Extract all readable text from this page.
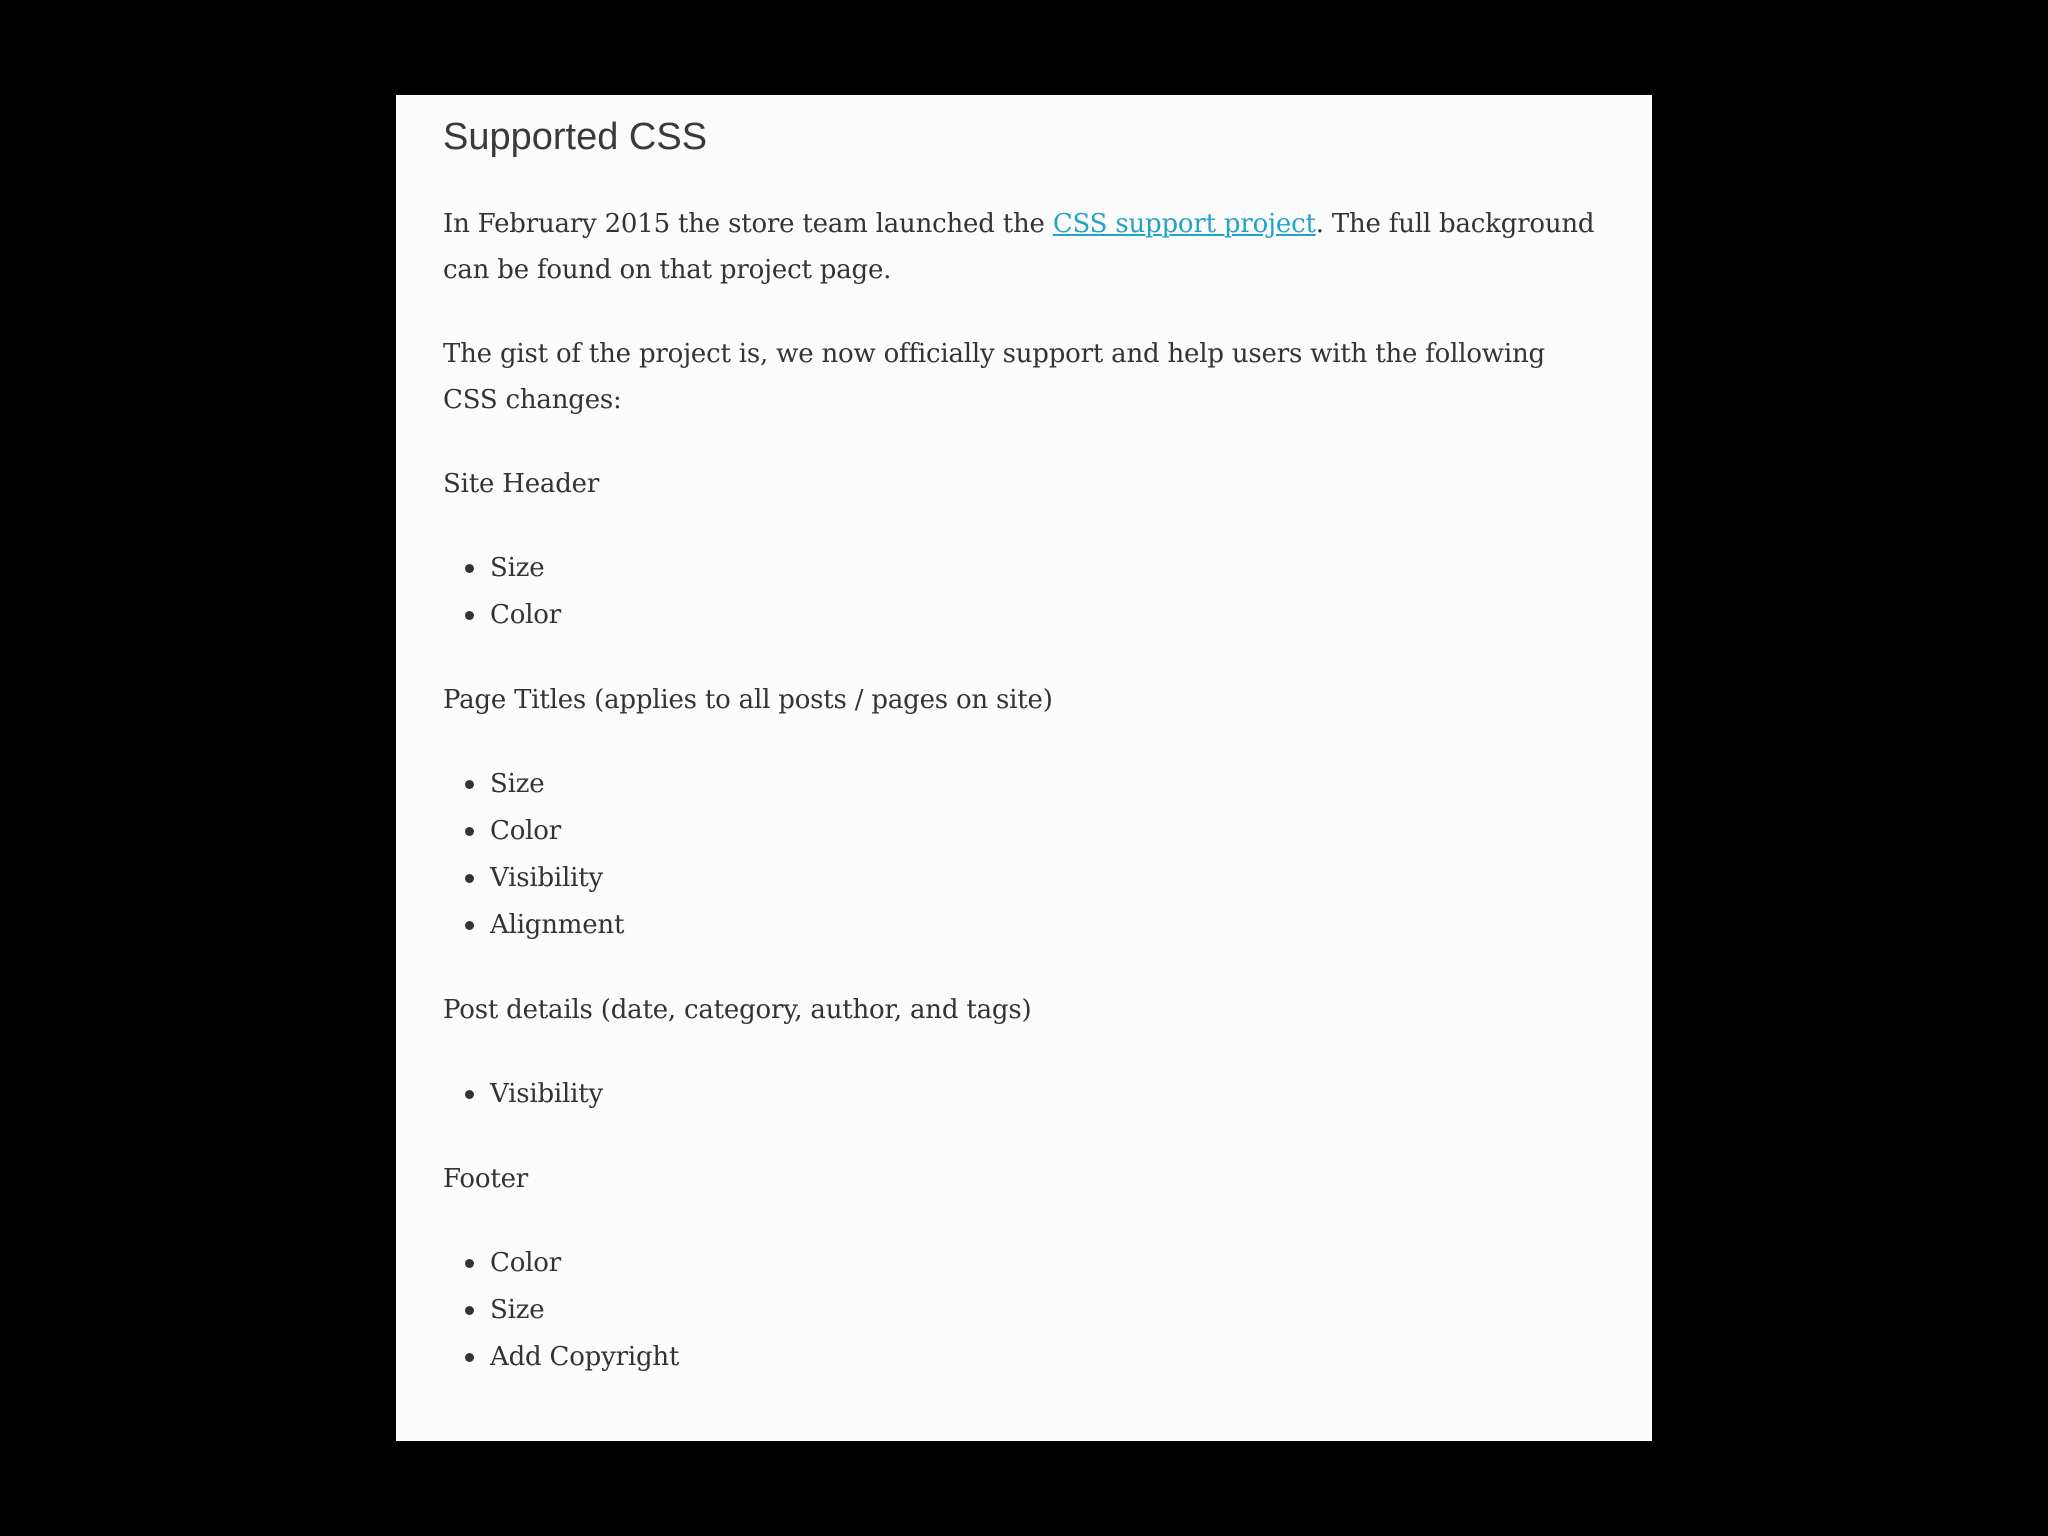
Supported CSS

In February 2015 the store team launched the CSS support project. The full background can be found on that project page.

The gist of the project is, we now officially support and help users with the following CSS changes:

Site Header

Size
Color

Page Titles (applies to all posts / pages on site)

Size
Color
Visibility
Alignment

Post details (date, category, author, and tags)

Visibility

Footer

Color
Size
Add Copyright
